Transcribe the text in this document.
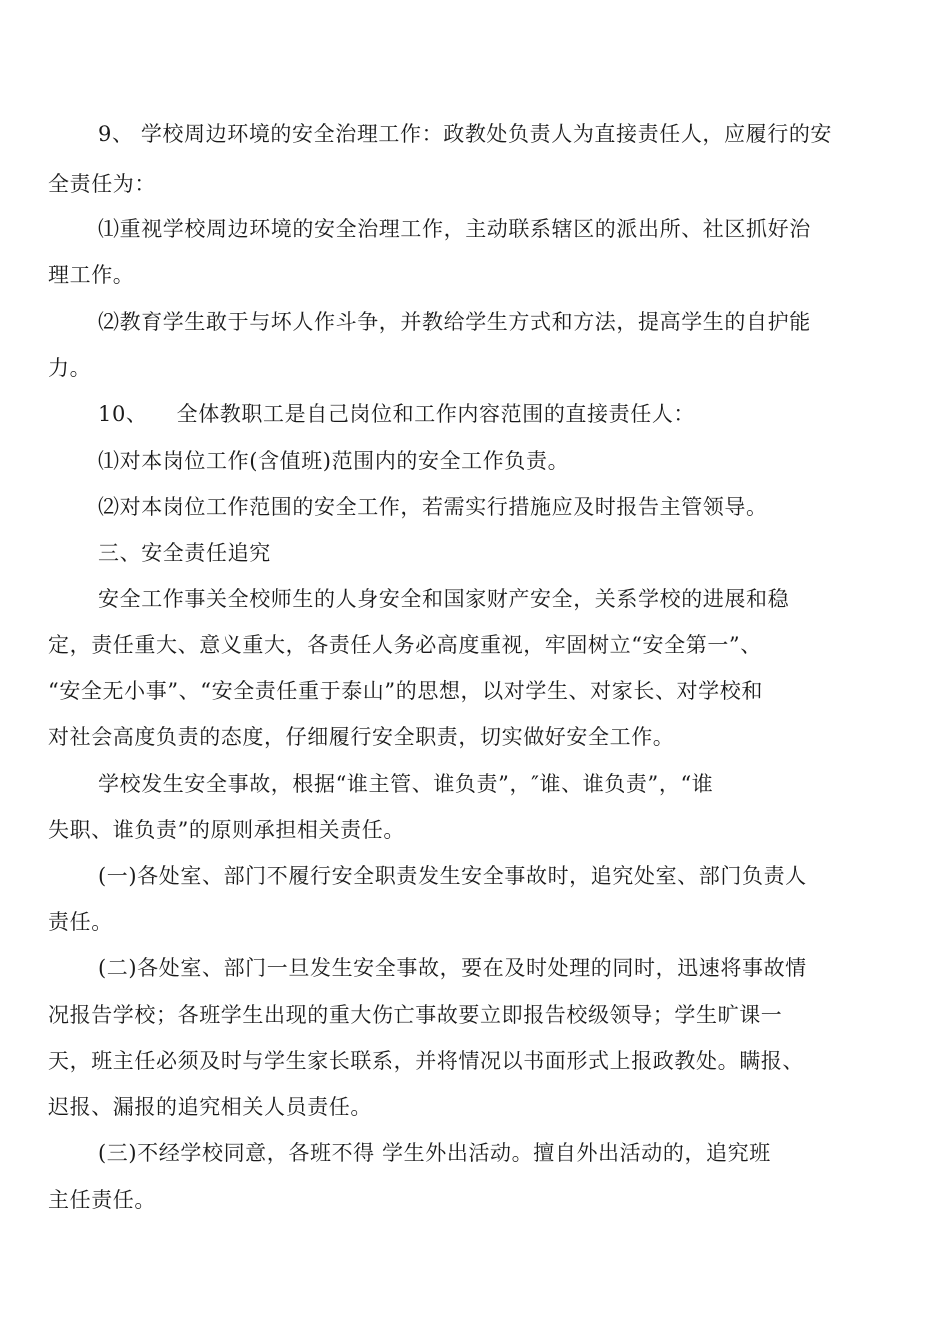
9、 学校周边环境的安全治理工作：政教处负责人为直接责任人，应履行的安
全责任为：
⑴重视学校周边环境的安全治理工作，主动联系辖区的派出所、社区抓好治
理工作。
⑵教育学生敢于与坏人作斗争，并教给学生方式和方法，提高学生的自护能
力。
10、    全体教职工是自己岗位和工作内容范围的直接责任人：
⑴对本岗位工作(含值班)范围内的安全工作负责。
⑵对本岗位工作范围的安全工作，若需实行措施应及时报告主管领导。
三、安全责任追究
安全工作事关全校师生的人身安全和国家财产安全，关系学校的进展和稳
定，责任重大、意义重大，各责任人务必高度重视，牢固树立“安全第一”、
“安全无小事”、“安全责任重于泰山”的思想，以对学生、对家长、对学校和
对社会高度负责的态度，仔细履行安全职责，切实做好安全工作。
学校发生安全事故，根据“谁主管、谁负责”，″谁、谁负责”，“谁
失职、谁负责”的原则承担相关责任。
(一)各处室、部门不履行安全职责发生安全事故时，追究处室、部门负责人
责任。
(二)各处室、部门一旦发生安全事故，要在及时处理的同时，迅速将事故情
况报告学校；各班学生出现的重大伤亡事故要立即报告校级领导；学生旷课一
天，班主任必须及时与学生家长联系，并将情况以书面形式上报政教处。瞒报、
迟报、漏报的追究相关人员责任。
(三)不经学校同意，各班不得 学生外出活动。擅自外出活动的，追究班
主任责任。
